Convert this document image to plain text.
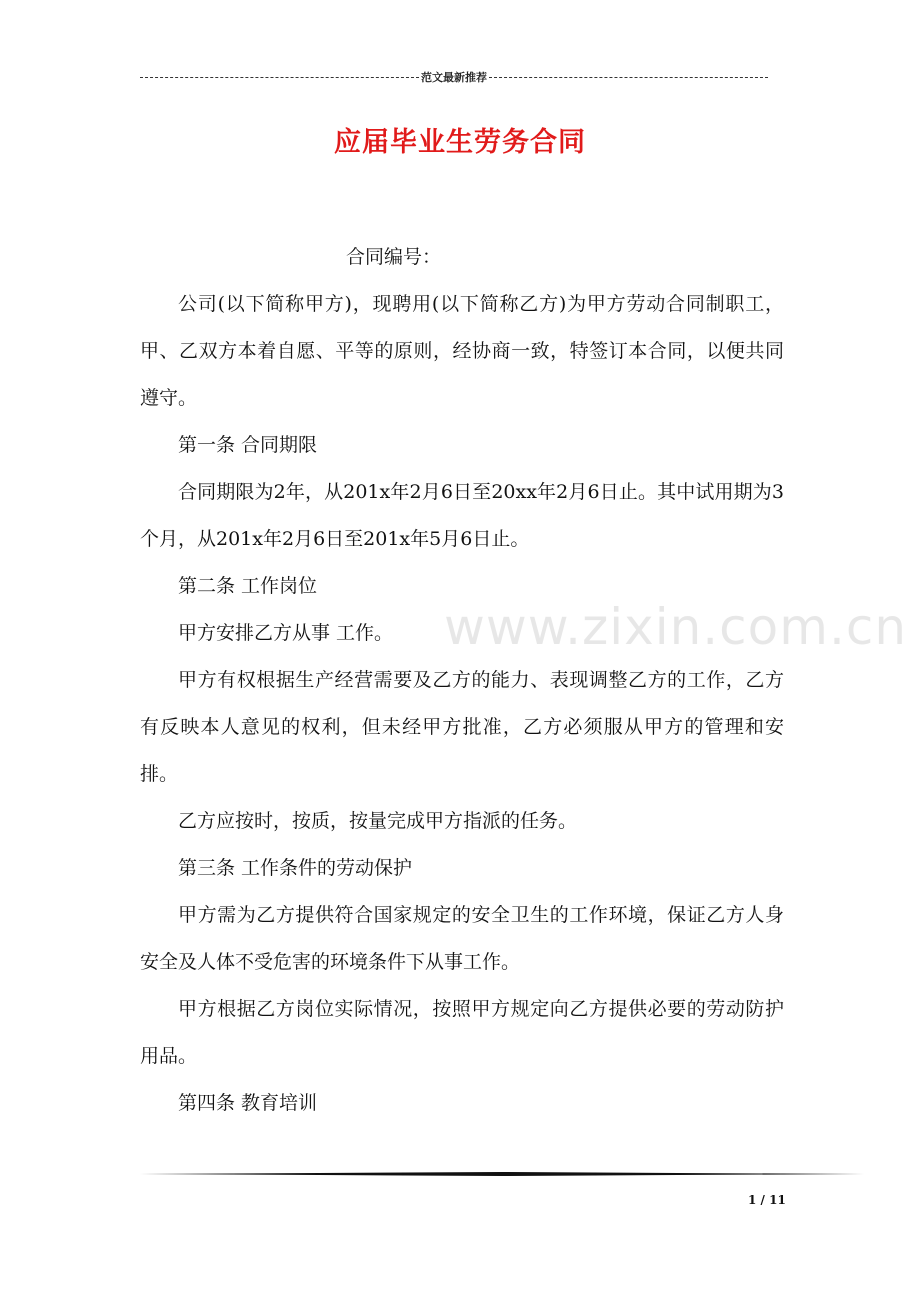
范文最新推荐
应届毕业生劳务合同
www.zixin.com.cn

合同编号：

公司(以下简称甲方)，现聘用(以下简称乙方)为甲方劳动合同制职工，甲、乙双方本着自愿、平等的原则，经协商一致，特签订本合同，以便共同遵守。

第一条 合同期限

合同期限为2年，从201x年2月6日至20xx年2月6日止。其中试用期为3个月，从201x年2月6日至201x年5月6日止。

第二条 工作岗位

甲方安排乙方从事 工作。

甲方有权根据生产经营需要及乙方的能力、表现调整乙方的工作，乙方有反映本人意见的权利，但未经甲方批准，乙方必须服从甲方的管理和安排。

乙方应按时，按质，按量完成甲方指派的任务。

第三条 工作条件的劳动保护

甲方需为乙方提供符合国家规定的安全卫生的工作环境，保证乙方人身安全及人体不受危害的环境条件下从事工作。

甲方根据乙方岗位实际情况，按照甲方规定向乙方提供必要的劳动防护用品。

第四条 教育培训

1 / 11
